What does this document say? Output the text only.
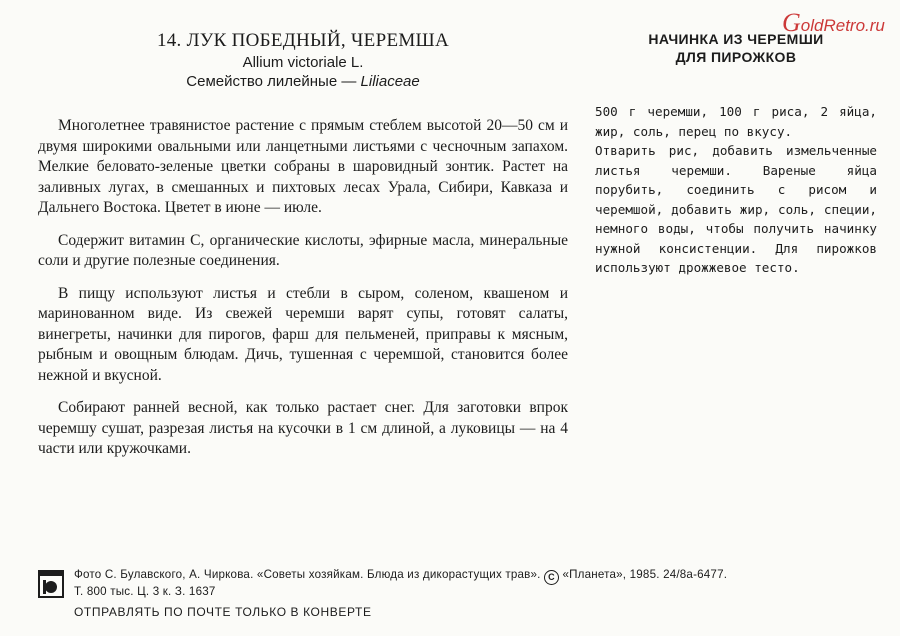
14. ЛУК ПОБЕДНЫЙ, ЧЕРЕМША
Allium victoriale L.
Семейство лилейные — Liliaceae

Многолетнее травянистое растение с прямым стеблем высотой 20—50 см и двумя широкими овальными или ланцетными листьями с чесночным запахом. Мелкие беловато-зеленые цветки собраны в шаровидный зонтик. Растет на заливных лугах, в смешанных и пихтовых лесах Урала, Сибири, Кавказа и Дальнего Востока. Цветет в июне — июле.

Содержит витамин С, органические кислоты, эфирные масла, минеральные соли и другие полезные соединения.

В пищу используют листья и стебли в сыром, соленом, квашеном и маринованном виде. Из свежей черемши варят супы, готовят салаты, винегреты, начинки для пирогов, фарш для пельменей, приправы к мясным, рыбным и овощным блюдам. Дичь, тушенная с черемшой, становится более нежной и вкусной.

Собирают ранней весной, как только растает снег. Для заготовки впрок черемшу сушат, разрезая листья на кусочки в 1 см длиной, а луковицы — на 4 части или кружочками.

НАЧИНКА ИЗ ЧЕРЕМШИ
ДЛЯ ПИРОЖКОВ

500 г черемши, 100 г риса, 2 яйца, жир, соль, перец по вкусу.

Отварить рис, добавить измельченные листья черемши. Вареные яйца порубить, соединить с рисом и черемшой, добавить жир, соль, специи, немного воды, чтобы получить начинку нужной консистенции. Для пирожков используют дрожжевое тесто.

GoldRetro.ru
Фото С. Булавского, А. Чиркова. «Советы хозяйкам. Блюда из дикорастущих трав». C «Планета», 1985. 24/8а-6477.
Т. 800 тыс. Ц. 3 к. З. 1637
ОТПРАВЛЯТЬ ПО ПОЧТЕ ТОЛЬКО В КОНВЕРТЕ
